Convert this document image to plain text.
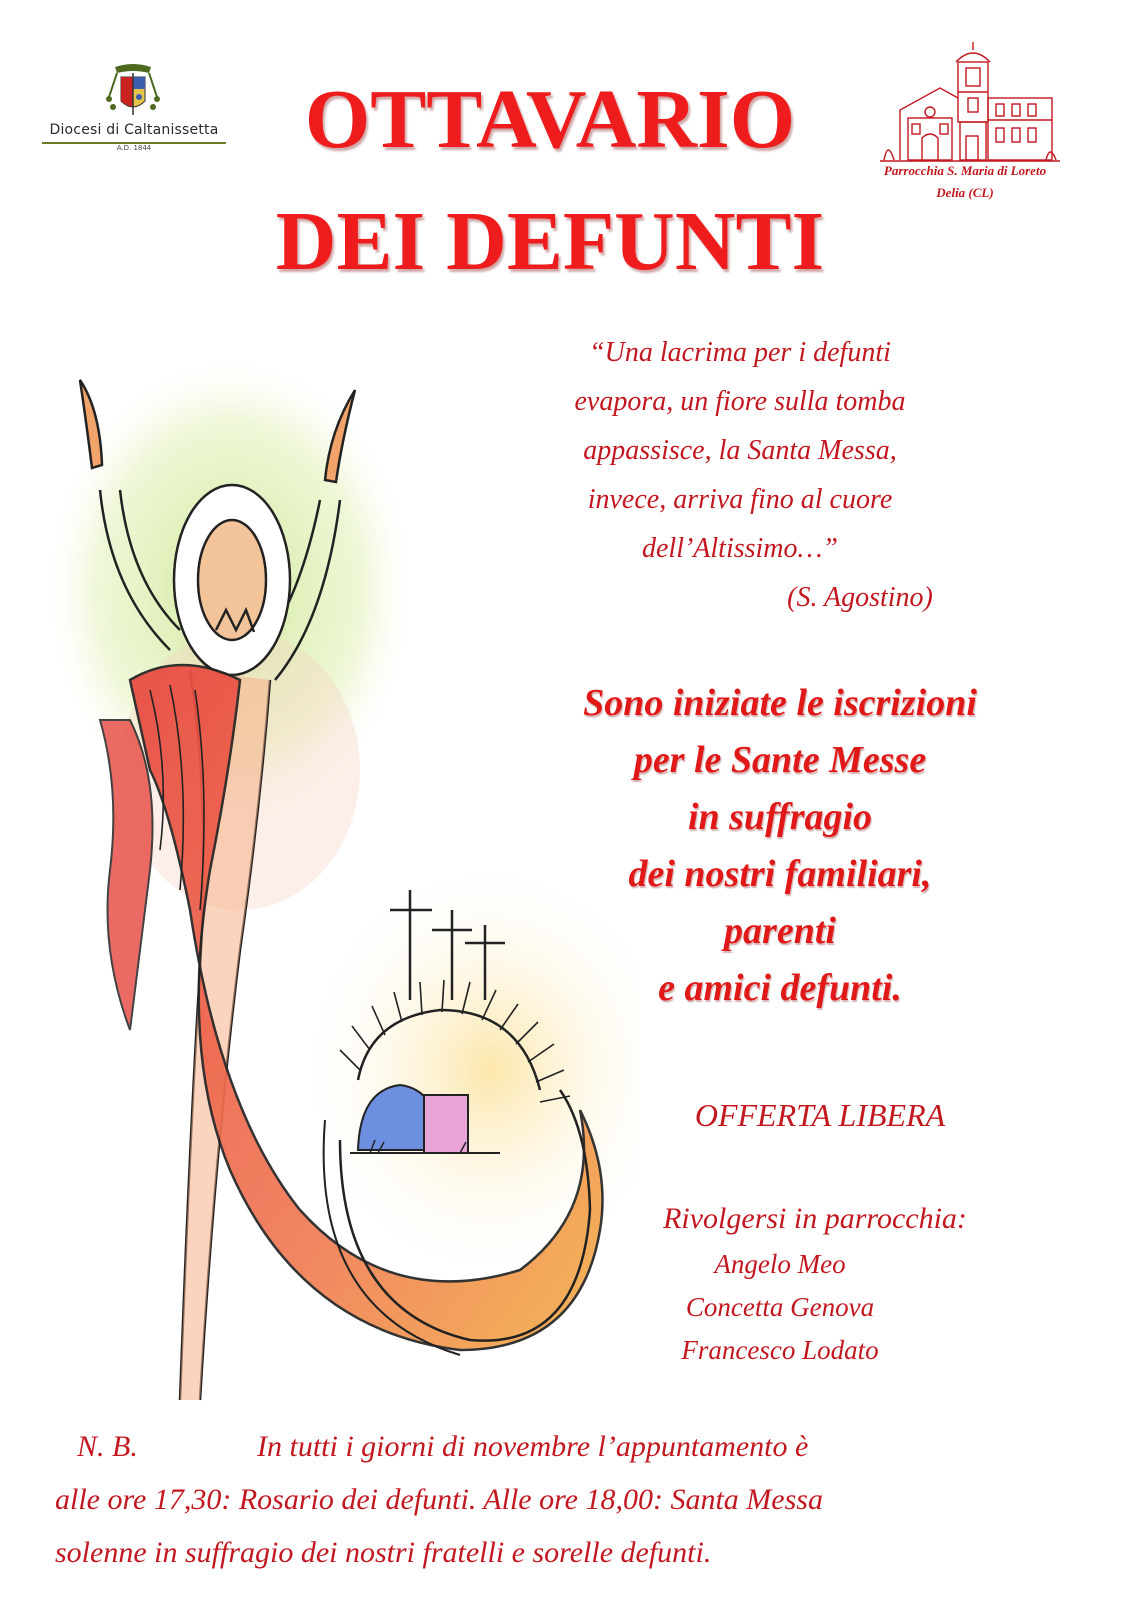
Diocesi di Caltanissetta
A.D. 1844
Parrocchia S. Maria di Loreto
Delia (CL)
OTTAVARIO
DEI DEFUNTI
“Una lacrima per i defunti
evapora, un fiore sulla tomba
appassisce, la Santa Messa,
invece, arriva fino al cuore
dell’Altissimo…”
(S. Agostino)
Sono iniziate le iscrizioni
per le Sante Messe
in suffragio
dei nostri familiari,
parenti
e amici defunti.
OFFERTA LIBERA
Rivolgersi in parrocchia:
Angelo Meo
Concetta Genova
Francesco Lodato
N. B.	In tutti i giorni di novembre l’appuntamento è
alle ore 17,30: Rosario dei defunti. Alle ore 18,00: Santa Messa
solenne in suffragio dei nostri fratelli e sorelle defunti.
